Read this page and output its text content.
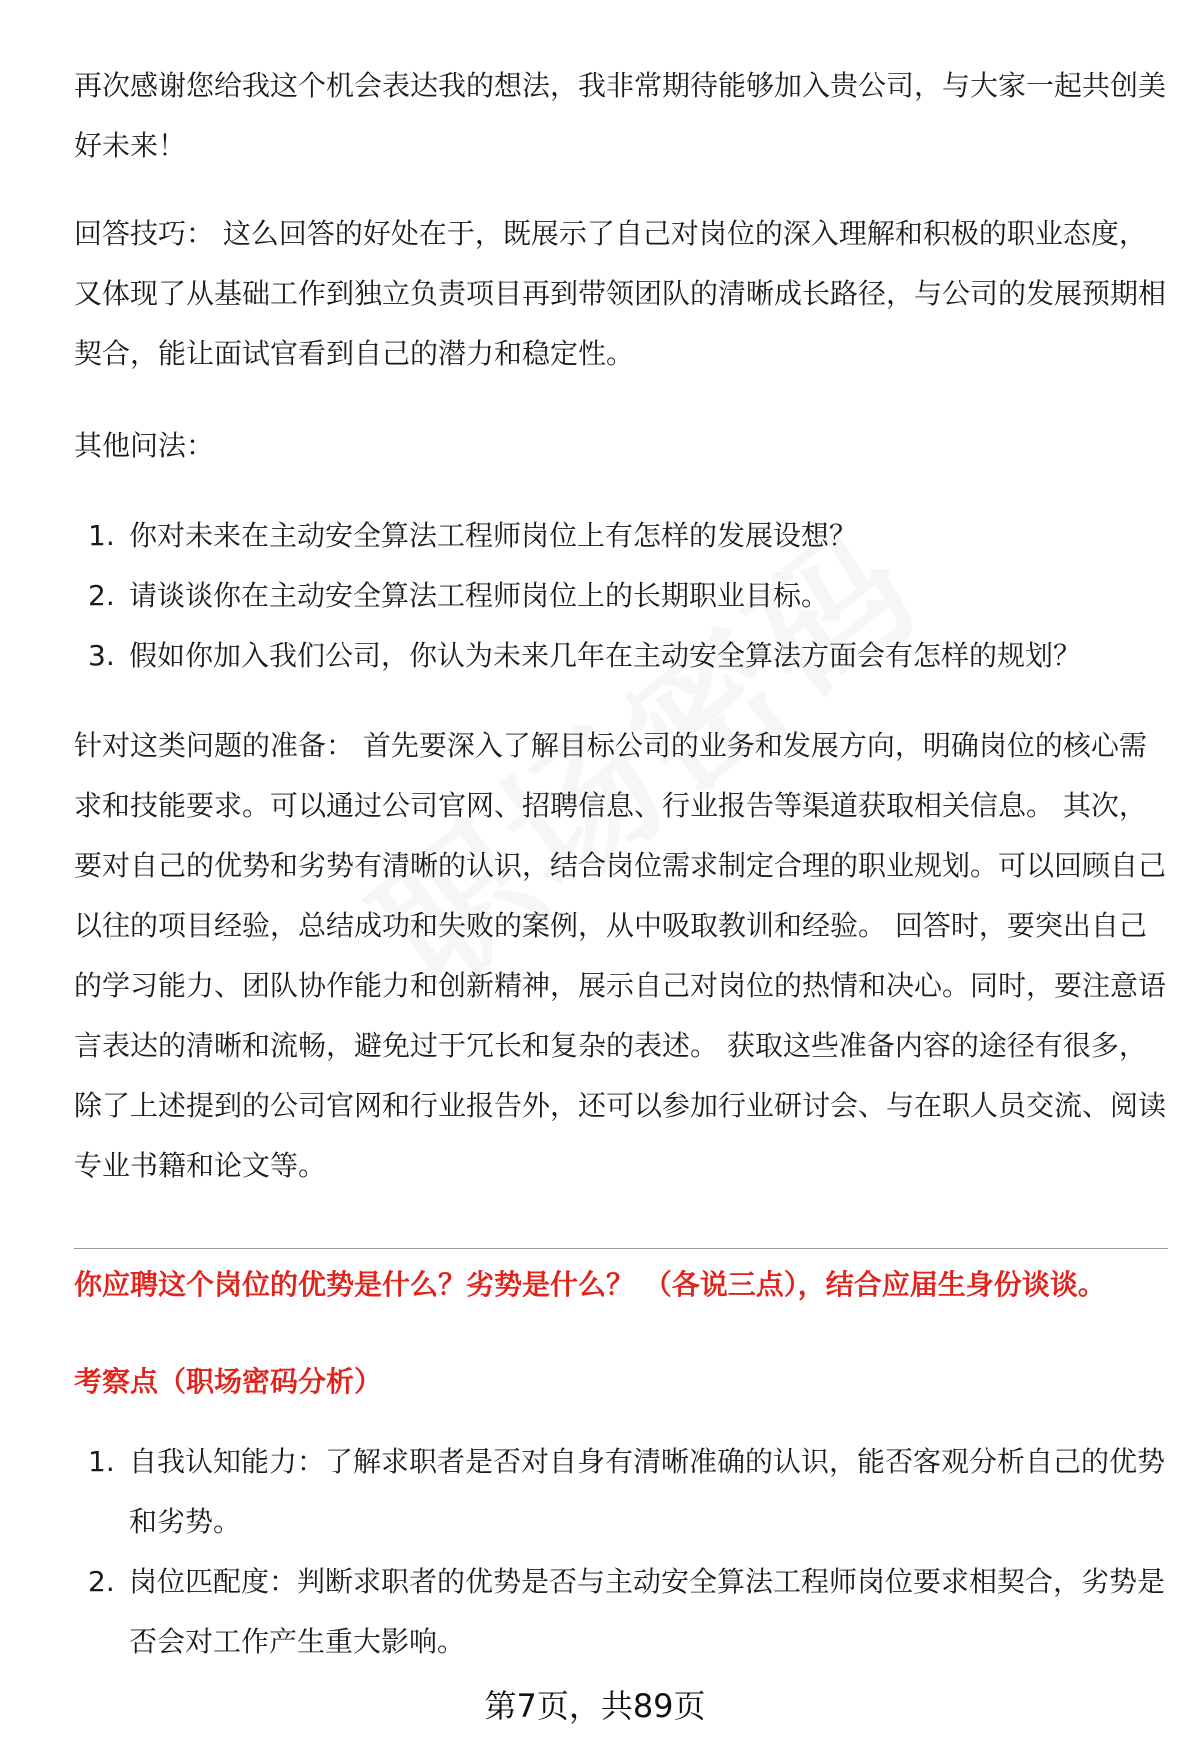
再次感谢您给我这个机会表达我的想法，我非常期待能够加入贵公司，与大家一起共创美好未来！

回答技巧： 这么回答的好处在于，既展示了自己对岗位的深入理解和积极的职业态度，又体现了从基础工作到独立负责项目再到带领团队的清晰成长路径，与公司的发展预期相契合，能让面试官看到自己的潜力和稳定性。

其他问法：

1. 你对未来在主动安全算法工程师岗位上有怎样的发展设想？
2. 请谈谈你在主动安全算法工程师岗位上的长期职业目标。
3. 假如你加入我们公司，你认为未来几年在主动安全算法方面会有怎样的规划？

针对这类问题的准备： 首先要深入了解目标公司的业务和发展方向，明确岗位的核心需求和技能要求。可以通过公司官网、招聘信息、行业报告等渠道获取相关信息。 其次，要对自己的优势和劣势有清晰的认识，结合岗位需求制定合理的职业规划。可以回顾自己以往的项目经验，总结成功和失败的案例，从中吸取教训和经验。 回答时，要突出自己的学习能力、团队协作能力和创新精神，展示自己对岗位的热情和决心。同时，要注意语言表达的清晰和流畅，避免过于冗长和复杂的表述。 获取这些准备内容的途径有很多，除了上述提到的公司官网和行业报告外，还可以参加行业研讨会、与在职人员交流、阅读专业书籍和论文等。

你应聘这个岗位的优势是什么？劣势是什么？ （各说三点），结合应届生身份谈谈。

考察点（职场密码分析）

1. 自我认知能力：了解求职者是否对自身有清晰准确的认识，能否客观分析自己的优势和劣势。
2. 岗位匹配度：判断求职者的优势是否与主动安全算法工程师岗位要求相契合，劣势是否会对工作产生重大影响。
第7页，共89页
